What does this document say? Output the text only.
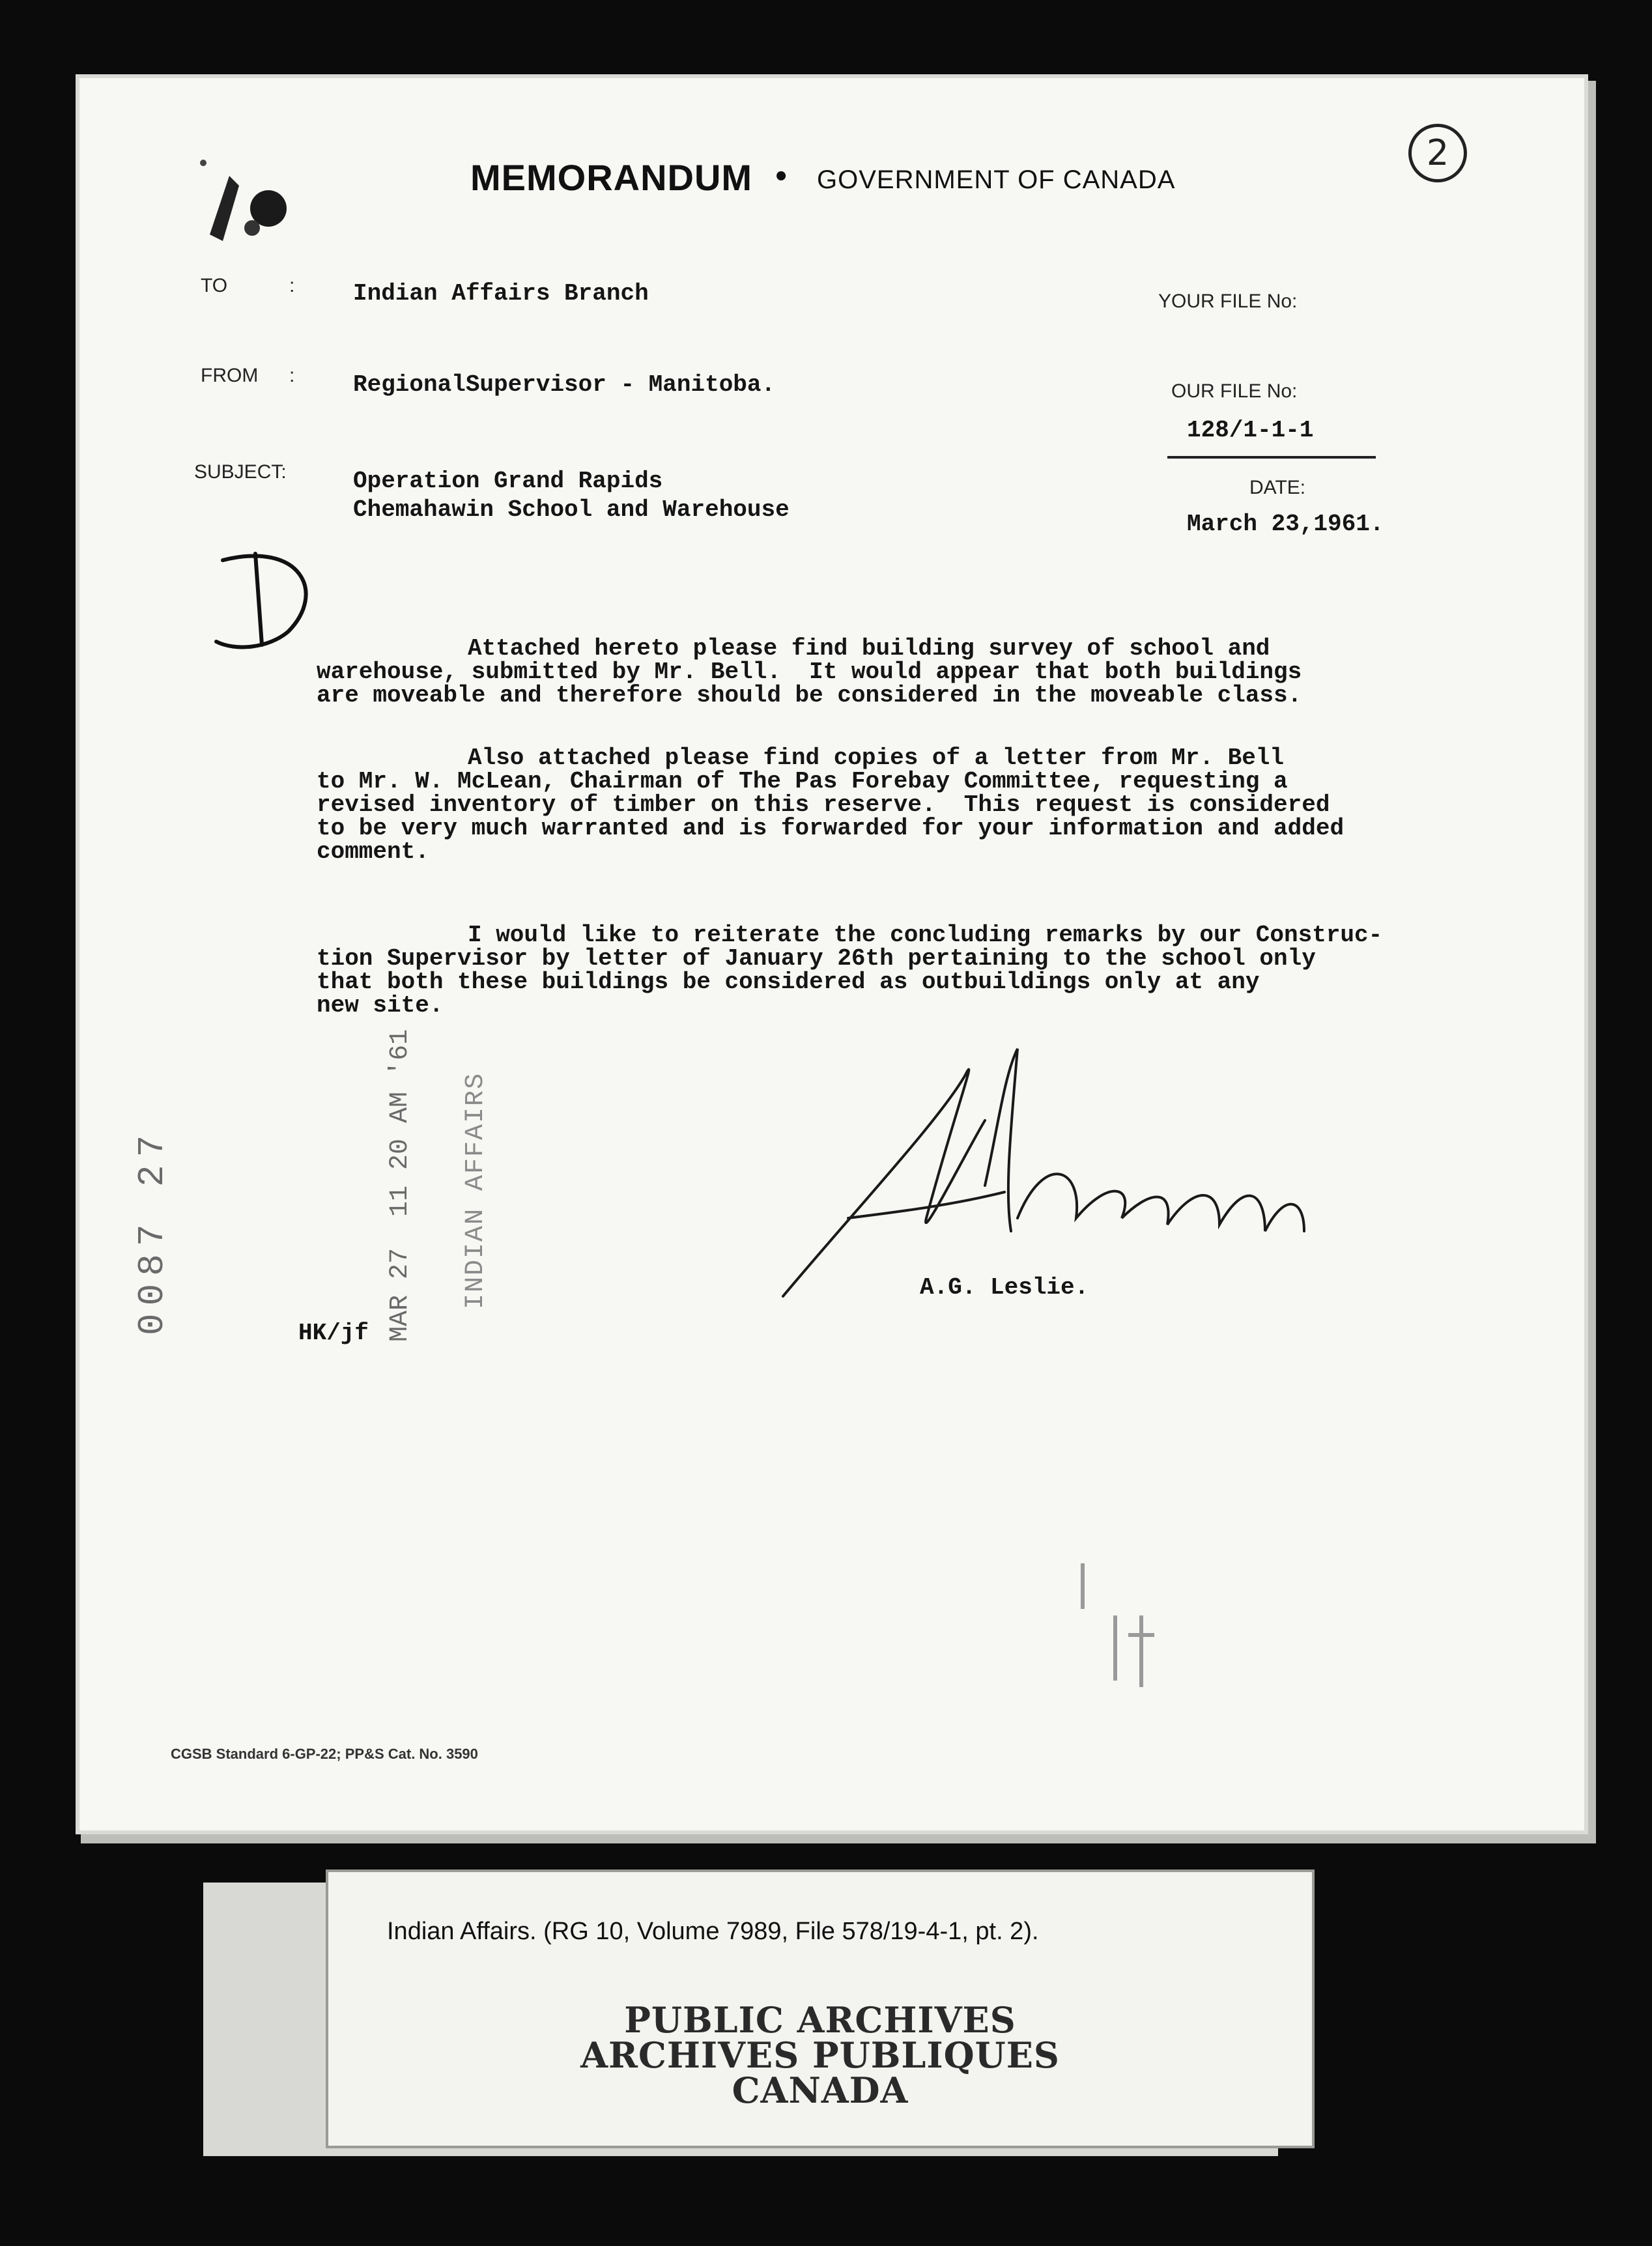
MEMORANDUM • GOVERNMENT OF CANADA
2
TO	: Indian Affairs Branch	YOUR FILE No:
FROM : RegionalSupervisor - Manitoba.	OUR FILE No:
128/1-1-1
SUBJECT:	Operation Grand Rapids
Chemahawin School and Warehouse
DATE:
March 23,1961.
Attached hereto please find building survey of school and
warehouse, submitted by Mr. Bell.  It would appear that both buildings
are moveable and therefore should be considered in the moveable class.
Also attached please find copies of a letter from Mr. Bell
to Mr. W. McLean, Chairman of The Pas Forebay Committee, requesting a
revised inventory of timber on this reserve.  This request is considered
to be very much warranted and is forwarded for your information and added
comment.
I would like to reiterate the concluding remarks by our Construc-
tion Supervisor by letter of January 26th pertaining to the school only
that both these buildings be considered as outbuildings only at any
new site.
A.G. Leslie.
HK/jf
0087 27	MAR 27  11 20 AM '61 INDIAN AFFAIRS
CGSB Standard 6-GP-22; PP&S Cat. No. 3590
Indian Affairs. (RG 10, Volume 7989, File 578/19-4-1, pt. 2).
PUBLIC ARCHIVES
ARCHIVES PUBLIQUES
CANADA
